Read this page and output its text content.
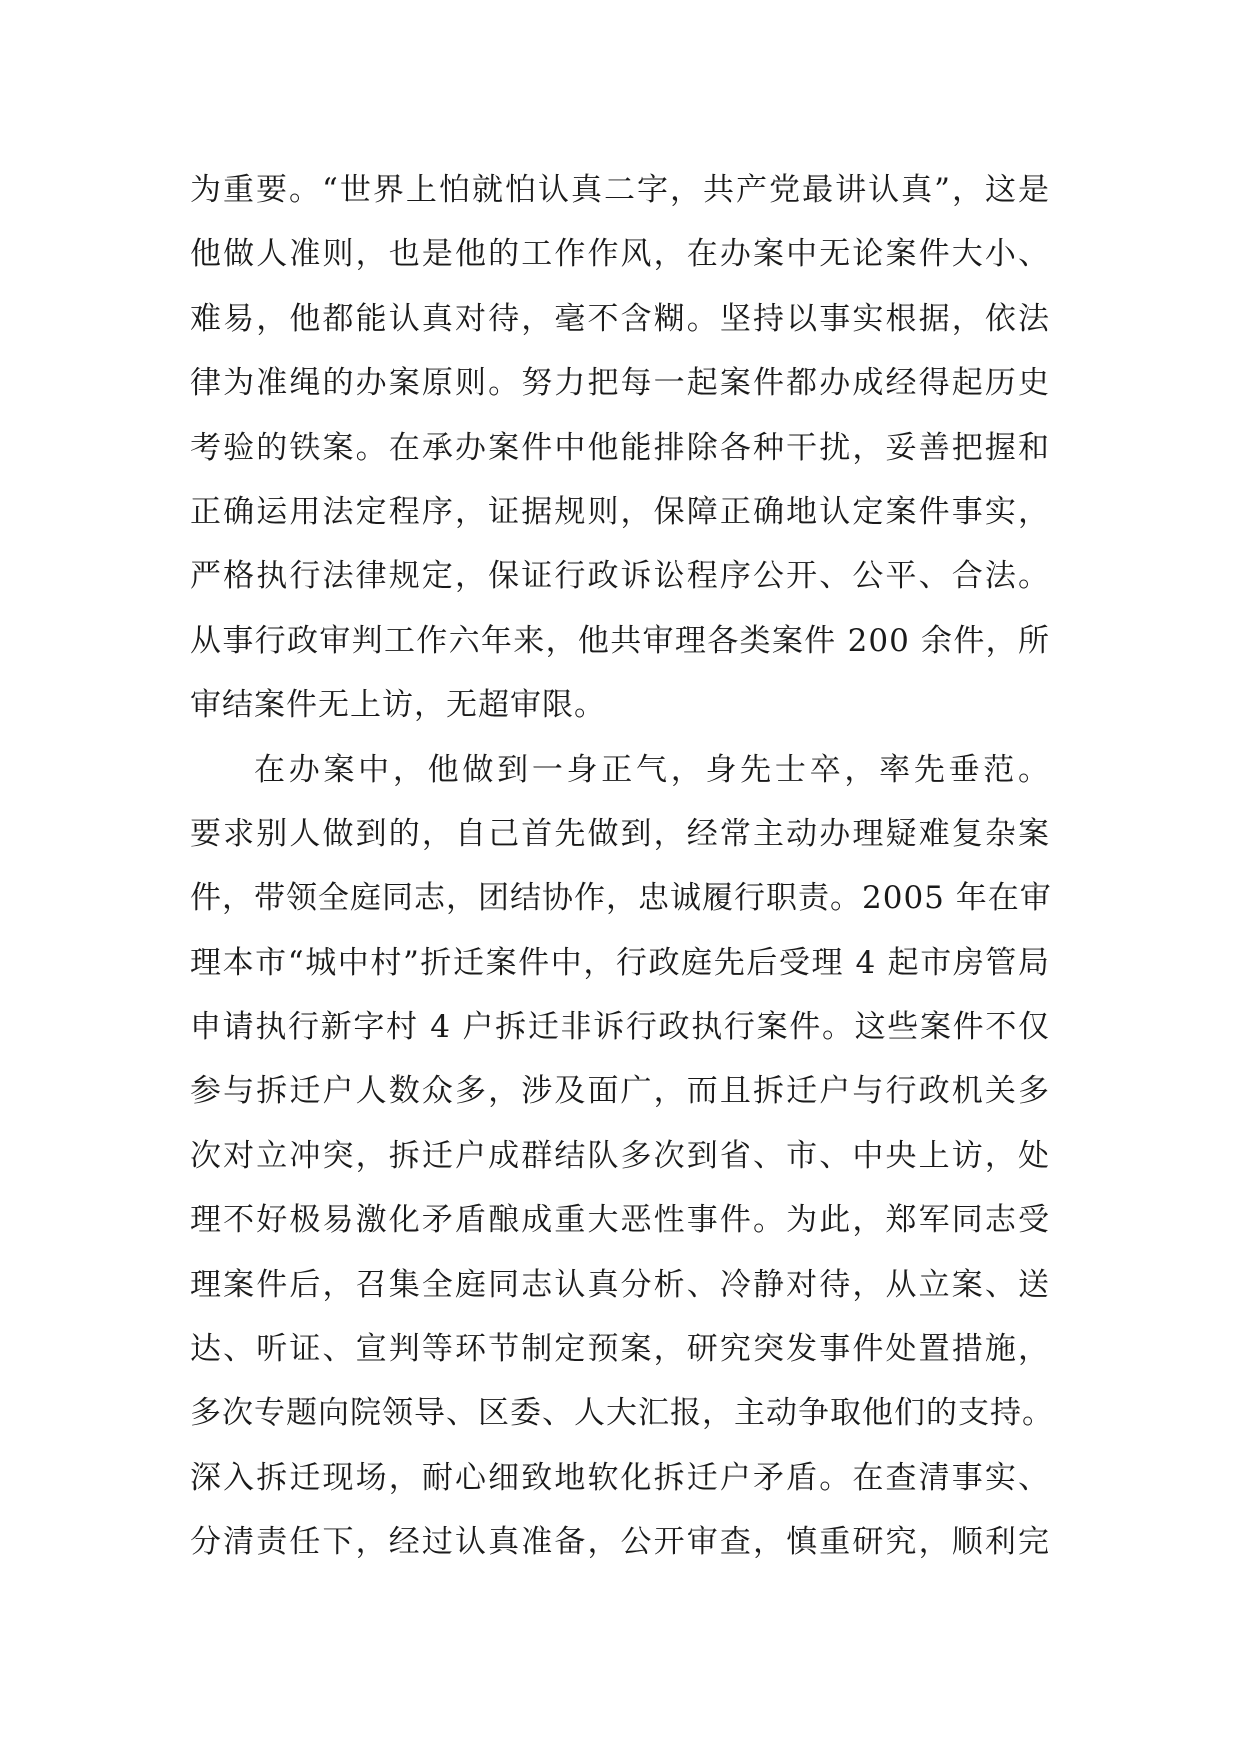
为重要。“世界上怕就怕认真二字，共产党最讲认真”，这是
他做人准则，也是他的工作作风，在办案中无论案件大小、
难易，他都能认真对待，毫不含糊。坚持以事实根据，依法
律为准绳的办案原则。努力把每一起案件都办成经得起历史
考验的铁案。在承办案件中他能排除各种干扰，妥善把握和
正确运用法定程序，证据规则，保障正确地认定案件事实，
严格执行法律规定，保证行政诉讼程序公开、公平、合法。
从事行政审判工作六年来，他共审理各类案件 200 余件，所
审结案件无上访，无超审限。

在办案中，他做到一身正气，身先士卒，率先垂范。
要求别人做到的，自己首先做到，经常主动办理疑难复杂案
件，带领全庭同志，团结协作，忠诚履行职责。2005 年在审
理本市“城中村”折迁案件中，行政庭先后受理 4 起市房管局
申请执行新字村 4 户拆迁非诉行政执行案件。这些案件不仅
参与拆迁户人数众多，涉及面广，而且拆迁户与行政机关多
次对立冲突，拆迁户成群结队多次到省、市、中央上访，处
理不好极易激化矛盾酿成重大恶性事件。为此，郑军同志受
理案件后，召集全庭同志认真分析、冷静对待，从立案、送
达、听证、宣判等环节制定预案，研究突发事件处置措施，
多次专题向院领导、区委、人大汇报，主动争取他们的支持。
深入拆迁现场，耐心细致地软化拆迁户矛盾。在查清事实、
分清责任下，经过认真准备，公开审查，慎重研究，顺利完
